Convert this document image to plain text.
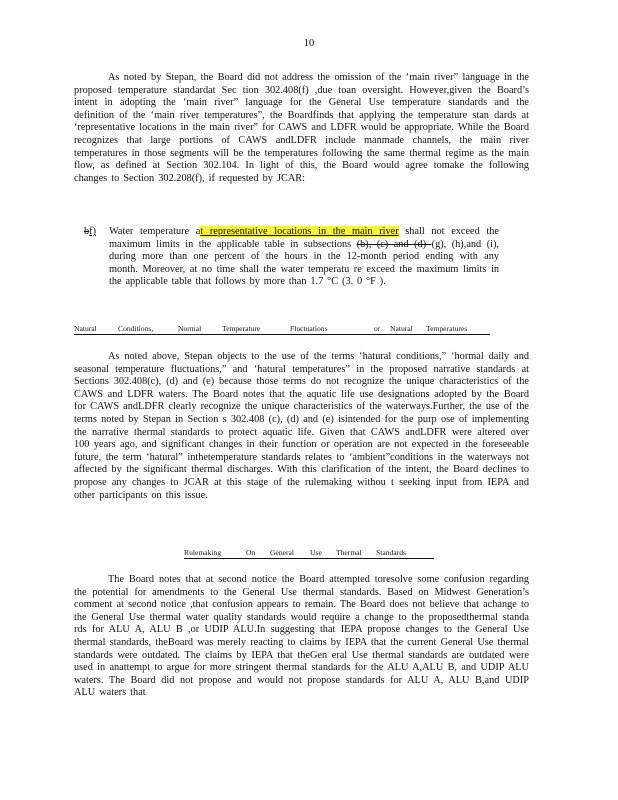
10

As noted by Stepan, the Board did not address the omission of the ‘main river” language in the proposed temperature standardat Sec tion 302.408(f) ,due toan oversight. However,given the Board’s intent in adopting the ‘main river” language for the General Use temperature standards and the definition of the ‘main river temperatures”, the Boardfinds that applying the temperature stan dards at ‘representative locations in the main river” for CAWS and LDFR would be appropriate. While the Board recognizes that large portions of CAWS andLDFR include manmade channels, the main river temperatures in those segments will be the temperatures following the same thermal regime as the main flow, as defined at Section 302.104. In light of this, the Board would agree tomake the following changes to Section 302.208(f), if requested by JCAR:

bf) Water temperature at representative locations in the main river shall not exceed the maximum limits in the applicable table in subsections (b), (c) and (d) (g), (h),and (i), during more than one percent of the hours in the 12-month period ending with any month. Moreover, at no time shall the water temperatu re exceed the maximum limits in the applicable table that follows by more than 1.7 °C (3. 0 °F ).
Natural	Conditions,	Normal	Temperature	Fluctuations	or Natural Temperatures

As noted above, Stepan objects to the use of the terms ‘hatural conditions,” ‘hormal daily and seasonal temperature fluctuations,” and ‘hatural temperatures” in the proposed narrative standards at Sections 302.408(c), (d) and (e) because those terms do not recognize the unique characteristics of the CAWS and LDFR waters. The Board notes that the aquatic life use designations adopted by the Board for CAWS andLDFR clearly recognize the unique characteristics of the waterways.Further, the use of the terms noted by Stepan in Section s 302.408 (c), (d) and (e) isintended for the purp ose of implementing the narrative thermal standards to protect aquatic life. Given that CAWS andLDFR were altered over 100 years ago, and significant changes in their function or operation are not expected in the foreseeable future, the term ‘hatural” inthetemperature standards relates to ‘ambient”conditions in the waterways not affected by the significant thermal discharges. With this clarification of the intent, the Board declines to propose any changes to JCAR at this stage of the rulemaking withou t seeking input from IEPA and other participants on this issue.

Rulemaking	On General Use Thermal Standards

The Board notes that at second notice the Board attempted toresolve some confusion regarding the potential for amendments to the General Use thermal standards. Based on Midwest Generation’s comment at second notice ,that confusion appears to remain. The Board does not believe that achange to the General Use thermal water quality standards would require a change to the proposedthermal standa rds for ALU A, ALU B ,or UDIP ALU.In suggesting that IEPA propose changes to the General Use thermal standards, theBoard was merely reacting to claims by IEPA that the current General Use thermal standards were outdated. The claims by IEPA that theGen eral Use thermal standards are outdated were used in anattempt to argue for more stringent thermal standards for the ALU A,ALU B, and UDIP ALU waters. The Board did not propose and would not propose standards for ALU A, ALU B,and UDIP ALU waters that
